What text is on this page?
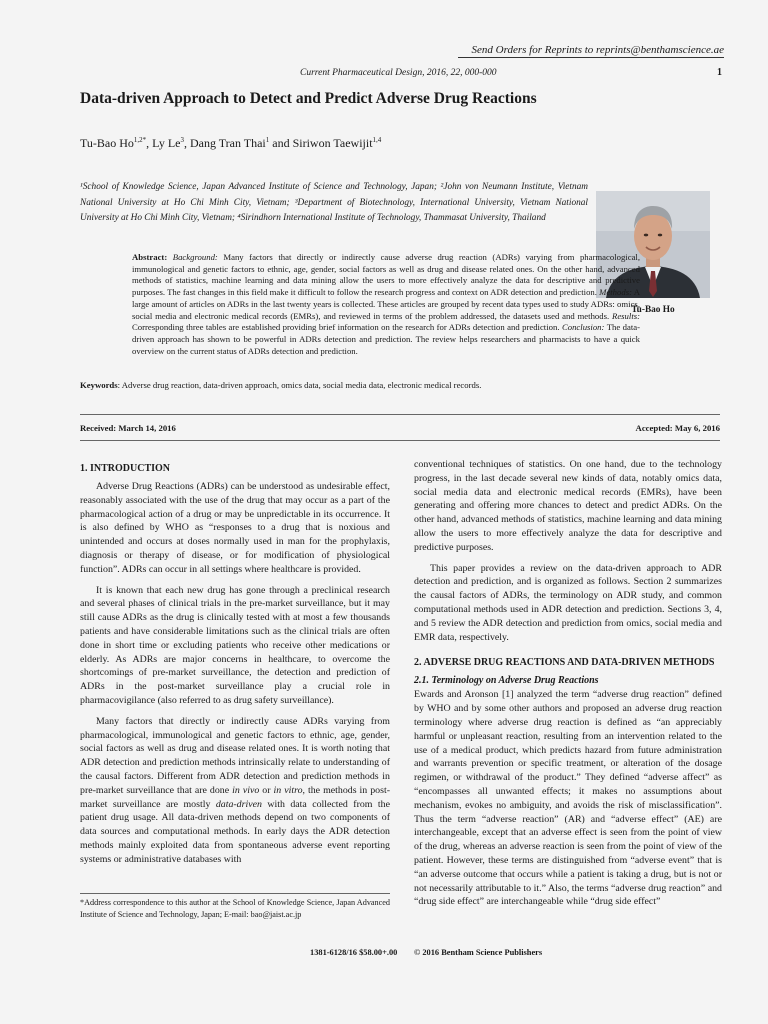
Send Orders for Reprints to reprints@benthamscience.ae
Current Pharmaceutical Design, 2016, 22, 000-000	1
Data-driven Approach to Detect and Predict Adverse Drug Reactions
Tu-Bao $Ho^{1,2*}$, Ly Le$^3$, Dang Tran Thai$^1$ and Siriwon Taewijit$^{1,4}$
¹School of Knowledge Science, Japan Advanced Institute of Science and Technology, Japan; ²John von Neumann Institute, Vietnam National University at Ho Chi Minh City, Vietnam; ³Department of Biotechnology, International University, Vietnam National University at Ho Chi Minh City, Vietnam; ⁴Sirindhorn International Institute of Technology, Thammasat University, Thailand
Tu-Bao Ho
Abstract: Background: Many factors that directly or indirectly cause adverse drug reaction (ADRs) varying from pharmacological, immunological and genetic factors to ethnic, age, gender, social factors as well as drug and disease related ones. On the other hand, advanced methods of statistics, machine learning and data mining allow the users to more effectively analyze the data for descriptive and predictive purposes. The fast changes in this field make it difficult to follow the research progress and context on ADR detection and prediction. Methods: A large amount of articles on ADRs in the last twenty years is collected. These articles are grouped by recent data types used to study ADRs: omics, social media and electronic medical records (EMRs), and reviewed in terms of the problem addressed, the datasets used and methods. Results: Corresponding three tables are established providing brief information on the research for ADRs detection and prediction. Conclusion: The data-driven approach has shown to be powerful in ADRs detection and prediction. The review helps researchers and pharmacists to have a quick overview on the current status of ADRs detection and prediction.
Keywords: Adverse drug reaction, data-driven approach, omics data, social media data, electronic medical records.
Received: March 14, 2016	Accepted: May 6, 2016
1. INTRODUCTION

Adverse Drug Reactions (ADRs) can be understood as undesirable effect, reasonably associated with the use of the drug that may occur as a part of the pharmacological action of a drug or may be unpredictable in its occurrence. It is also defined by WHO as “responses to a drug that is noxious and unintended and occurs at doses normally used in man for the prophylaxis, diagnosis or therapy of disease, or for modification of physiological function”. ADRs can occur in all settings where healthcare is provided.

It is known that each new drug has gone through a preclinical research and several phases of clinical trials in the pre-market surveillance, but it may still cause ADRs as the drug is clinically tested with at most a few thousands patients and have considerable limitations such as the clinical trials are often done in short time or excluding patients who receive other medications or elderly. As ADRs are major concerns in healthcare, to overcome the shortcomings of pre-market surveillance, the detection and prediction of ADRs in the post-market surveillance play a crucial role in pharmacovigilance (also referred to as drug safety surveillance).

Many factors that directly or indirectly cause ADRs varying from pharmacological, immunological and genetic factors to ethnic, age, gender, social factors as well as drug and disease related ones. It is worth noting that ADR detection and prediction methods intrinsically relate to understanding of the causal factors. Different from ADR detection and prediction methods in pre-market surveillance that are done in vivo or in vitro, the methods in post-market surveillance are mostly data-driven with data collected from the patient drug usage. All data-driven methods depend on two components of data sources and computational methods. In early days the ADR detection methods mainly exploited data from spontaneous adverse event reporting systems or administrative databases with

conventional techniques of statistics. On one hand, due to the technology progress, in the last decade several new kinds of data, notably omics data, social media data and electronic medical records (EMRs), have been generating and offering more chances to detect and predict ADRs. On the other hand, advanced methods of statistics, machine learning and data mining allow the users to more effectively analyze the data for descriptive and predictive purposes.

This paper provides a review on the data-driven approach to ADR detection and prediction, and is organized as follows. Section 2 summarizes the causal factors of ADRs, the terminology on ADR study, and common computational methods used in ADR detection and prediction. Sections 3, 4, and 5 review the ADR detection and prediction from omics, social media and EMR data, respectively.

2. ADVERSE DRUG REACTIONS AND DATA-DRIVEN METHODS
2.1. Terminology on Adverse Drug Reactions

Ewards and Aronson [1] analyzed the term “adverse drug reaction” defined by WHO and by some other authors and proposed an adverse drug reaction terminology where adverse drug reaction is defined as “an appreciably harmful or unpleasant reaction, resulting from an intervention related to the use of a medical product, which predicts hazard from future administration and warrants prevention or specific treatment, or alteration of the dosage regimen, or withdrawal of the product.” They defined “adverse affect” as “encompasses all unwanted effects; it makes no assumptions about mechanism, evokes no ambiguity, and avoids the risk of misclassification”. Thus the term “adverse reaction” (AR) and “adverse effect” (AE) are interchangeable, except that an adverse effect is seen from the point of view of the drug, whereas an adverse reaction is seen from the point of view of the patient. However, these terms are distinguished from “adverse event” that is “an adverse outcome that occurs while a patient is taking a drug, but is not or not necessarily attributable to it.” Also, the terms “adverse drug reaction” and “drug side effect” are interchangeable while “drug side effect”

*Address correspondence to this author at the School of Knowledge Science, Japan Advanced Institute of Science and Technology, Japan; E-mail: bao@jaist.ac.jp
1381-6128/16 $58.00+.00 © 2016 Bentham Science Publishers
